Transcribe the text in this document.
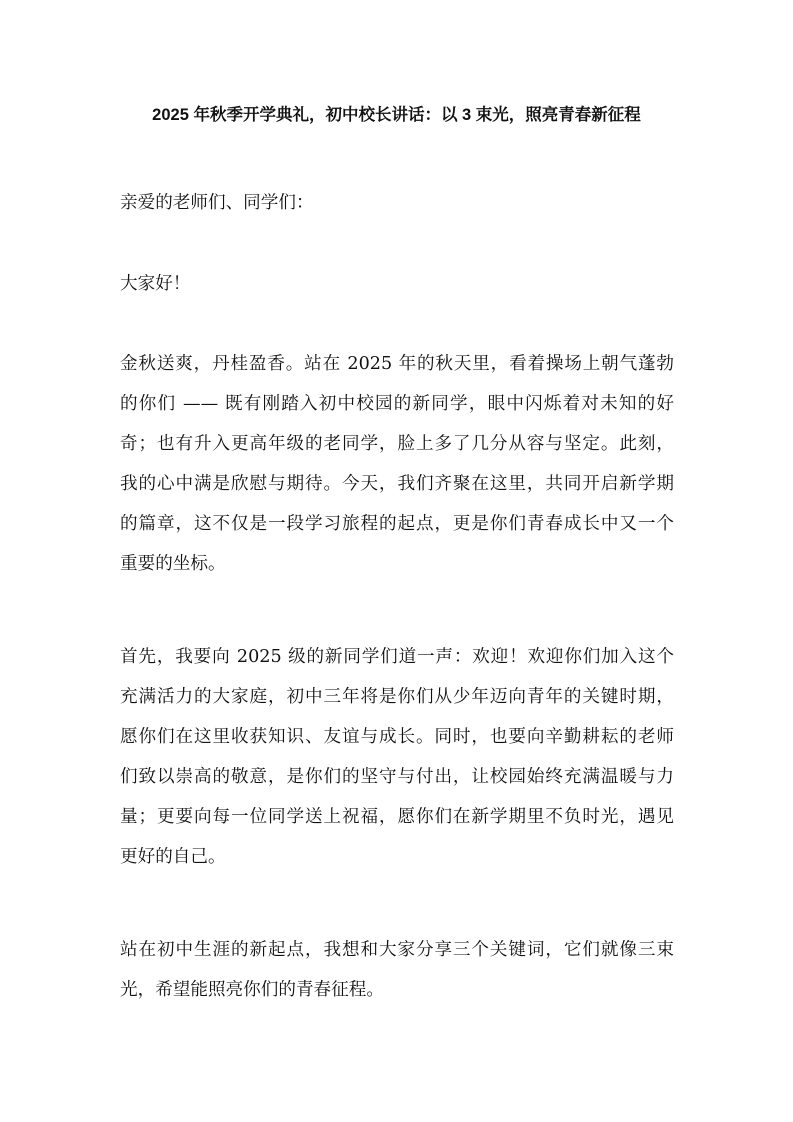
2025 年秋季开学典礼，初中校长讲话：以 3 束光，照亮青春新征程
亲爱的老师们、同学们：
大家好！
金秋送爽，丹桂盈香。站在 2025 年的秋天里，看着操场上朝气蓬勃
的你们 —— 既有刚踏入初中校园的新同学，眼中闪烁着对未知的好
奇；也有升入更高年级的老同学，脸上多了几分从容与坚定。此刻，
我的心中满是欣慰与期待。今天，我们齐聚在这里，共同开启新学期
的篇章，这不仅是一段学习旅程的起点，更是你们青春成长中又一个
重要的坐标。
首先，我要向 2025 级的新同学们道一声：欢迎！欢迎你们加入这个
充满活力的大家庭，初中三年将是你们从少年迈向青年的关键时期，
愿你们在这里收获知识、友谊与成长。同时，也要向辛勤耕耘的老师
们致以崇高的敬意，是你们的坚守与付出，让校园始终充满温暖与力
量；更要向每一位同学送上祝福，愿你们在新学期里不负时光，遇见
更好的自己。
站在初中生涯的新起点，我想和大家分享三个关键词，它们就像三束
光，希望能照亮你们的青春征程。
